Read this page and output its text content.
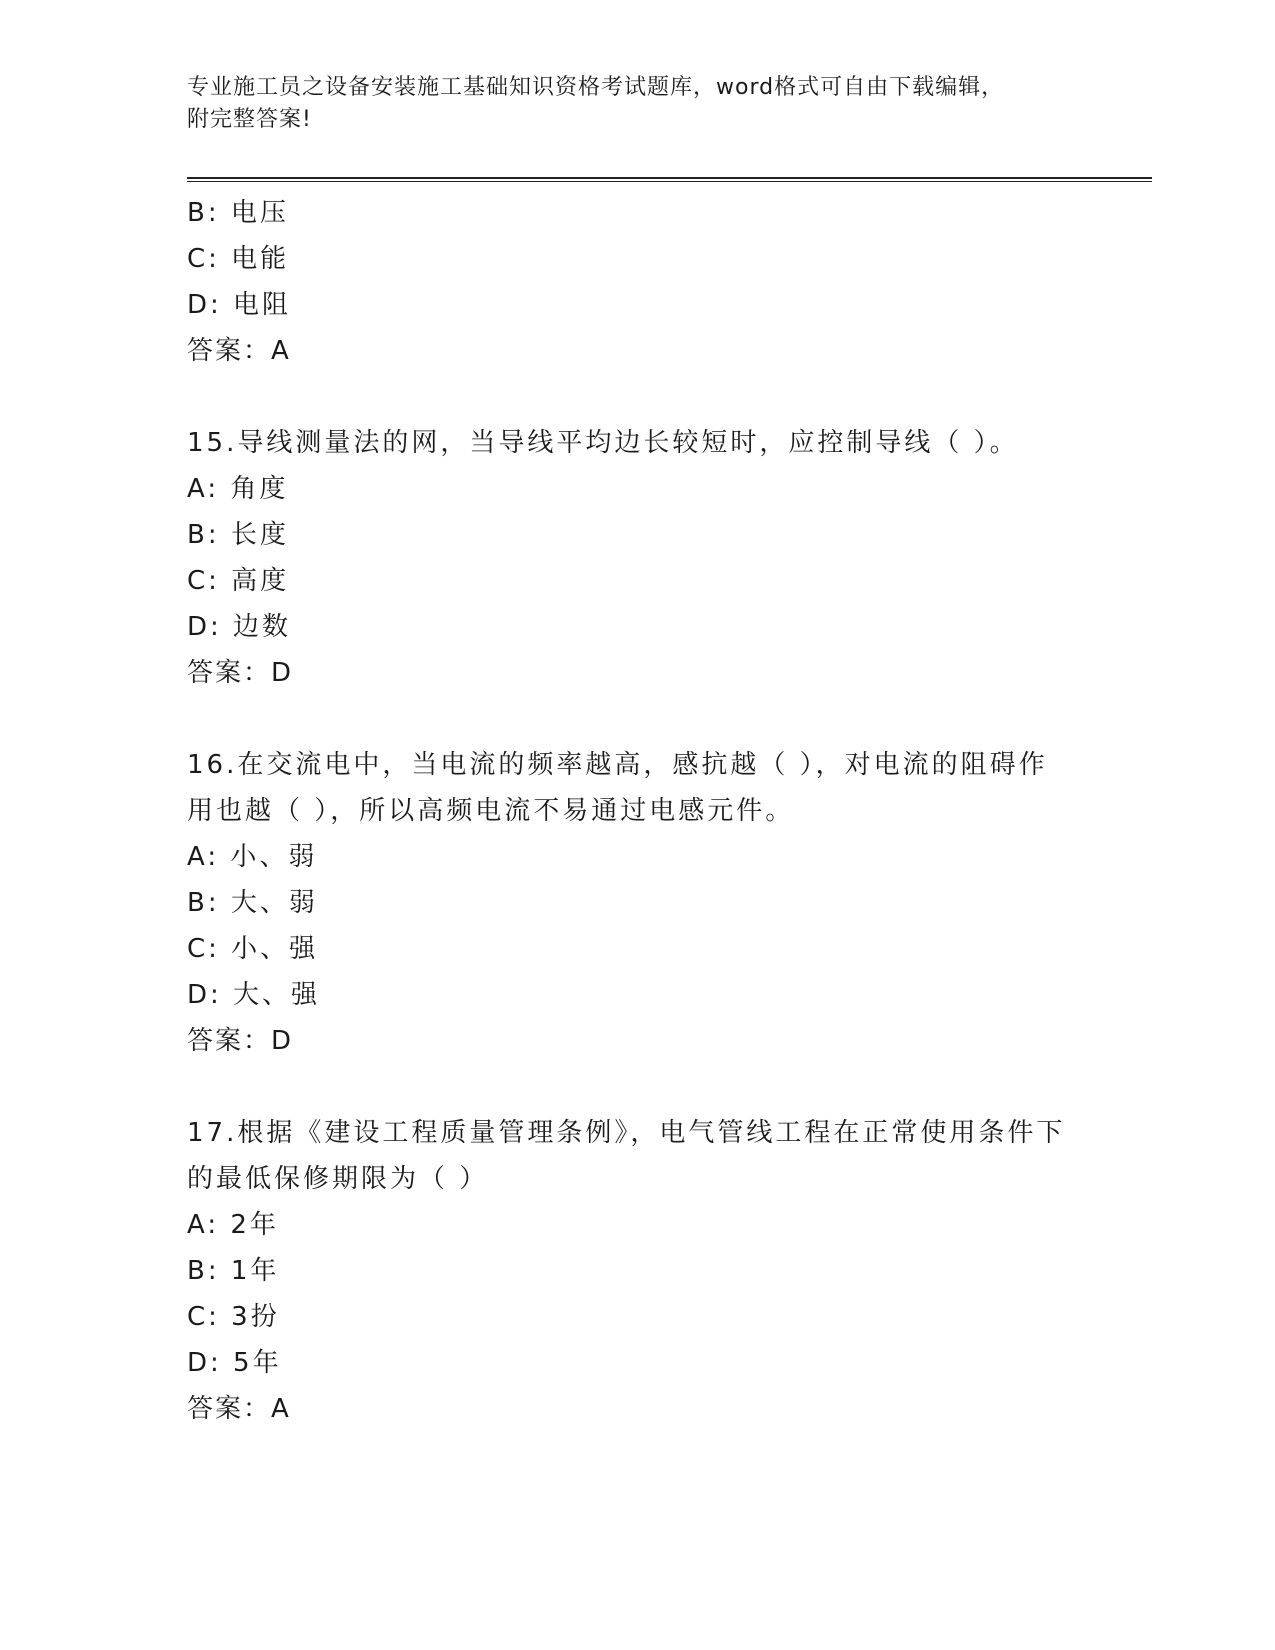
专业施工员之设备安装施工基础知识资格考试题库，word格式可自由下载编辑，
附完整答案!
B: 电压
C: 电能
D: 电阻
答案：A
15.导线测量法的网，当导线平均边长较短时，应控制导线（ ）。
A: 角度
B: 长度
C: 高度
D: 边数
答案：D
16.在交流电中，当电流的频率越高，感抗越（ ），对电流的阻碍作
用也越（ ），所以高频电流不易通过电感元件。
A: 小、弱
B: 大、弱
C: 小、强
D: 大、强
答案：D
17.根据《建设工程质量管理条例》，电气管线工程在正常使用条件下
的最低保修期限为（ ）
A: 2年
B: 1年
C: 3扮
D: 5年
答案：A
